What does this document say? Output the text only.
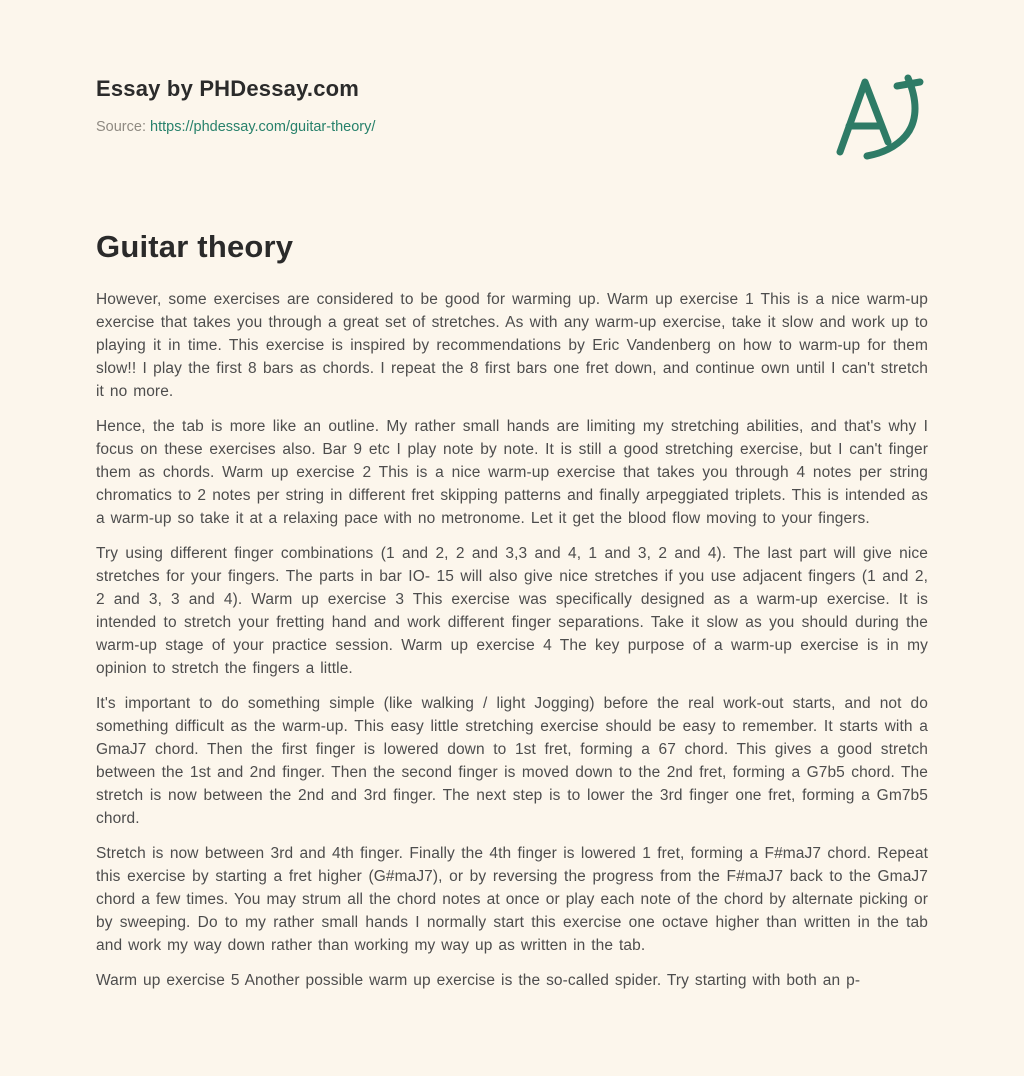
Essay by PHDessay.com
Source: https://phdessay.com/guitar-theory/
Guitar theory

However, some exercises are considered to be good for warming up. Warm up exercise 1 This is a nice warm-up exercise that takes you through a great set of stretches. As with any warm-up exercise, take it slow and work up to playing it in time. This exercise is inspired by recommendations by Eric Vandenberg on how to warm-up for them slow!! I play the first 8 bars as chords. I repeat the 8 first bars one fret down, and continue own until I can't stretch it no more.

Hence, the tab is more like an outline. My rather small hands are limiting my stretching abilities, and that's why I focus on these exercises also. Bar 9 etc I play note by note. It is still a good stretching exercise, but I can't finger them as chords. Warm up exercise 2 This is a nice warm-up exercise that takes you through 4 notes per string chromatics to 2 notes per string in different fret skipping patterns and finally arpeggiated triplets. This is intended as a warm-up so take it at a relaxing pace with no metronome. Let it get the blood flow moving to your fingers.

Try using different finger combinations (1 and 2, 2 and 3,3 and 4, 1 and 3, 2 and 4). The last part will give nice stretches for your fingers. The parts in bar IO- 15 will also give nice stretches if you use adjacent fingers (1 and 2, 2 and 3, 3 and 4). Warm up exercise 3 This exercise was specifically designed as a warm-up exercise. It is intended to stretch your fretting hand and work different finger separations. Take it slow as you should during the warm-up stage of your practice session. Warm up exercise 4 The key purpose of a warm-up exercise is in my opinion to stretch the fingers a little.

It's important to do something simple (like walking / light Jogging) before the real work-out starts, and not do something difficult as the warm-up. This easy little stretching exercise should be easy to remember. It starts with a GmaJ7 chord. Then the first finger is lowered down to 1st fret, forming a 67 chord. This gives a good stretch between the 1st and 2nd finger. Then the second finger is moved down to the 2nd fret, forming a G7b5 chord. The stretch is now between the 2nd and 3rd finger. The next step is to lower the 3rd finger one fret, forming a Gm7b5 chord.

Stretch is now between 3rd and 4th finger. Finally the 4th finger is lowered 1 fret, forming a F#maJ7 chord. Repeat this exercise by starting a fret higher (G#maJ7), or by reversing the progress from the F#maJ7 back to the GmaJ7 chord a few times. You may strum all the chord notes at once or play each note of the chord by alternate picking or by sweeping. Do to my rather small hands I normally start this exercise one octave higher than written in the tab and work my way down rather than working my way up as written in the tab.

Warm up exercise 5 Another possible warm up exercise is the so-called spider. Try starting with both an p-
